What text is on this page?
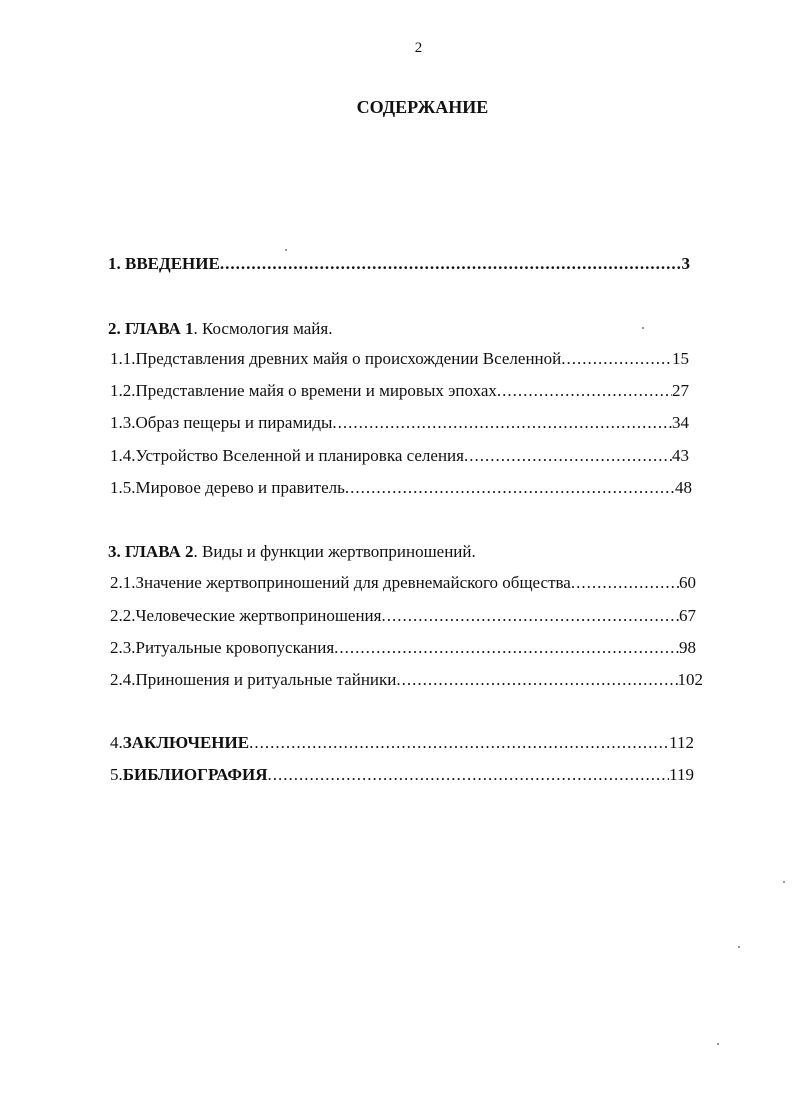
2
СОДЕРЖАНИЕ
1. ВВЕДЕНИЕ .....	3
2. ГЛАВА 1. Космология майя.
1.1. Представления древних майя о происхождении Вселенной .....	15
1.2. Представление майя о времени и мировых эпохах .....	27
1.3. Образ пещеры и пирамиды .....	34
1.4. Устройство Вселенной и планировка селения .....	43
1.5. Мировое дерево и правитель .....	48
3. ГЛАВА 2. Виды и функции жертвоприношений.
2.1. Значение жертвоприношений для древнемайского общества .....	60
2.2. Человеческие жертвоприношения .....	67
2.3. Ритуальные кровопускания .....	98
2.4. Приношения и ритуальные тайники .....	102
4. ЗАКЛЮЧЕНИЕ .....	112
5. БИБЛИОГРАФИЯ .....	119
